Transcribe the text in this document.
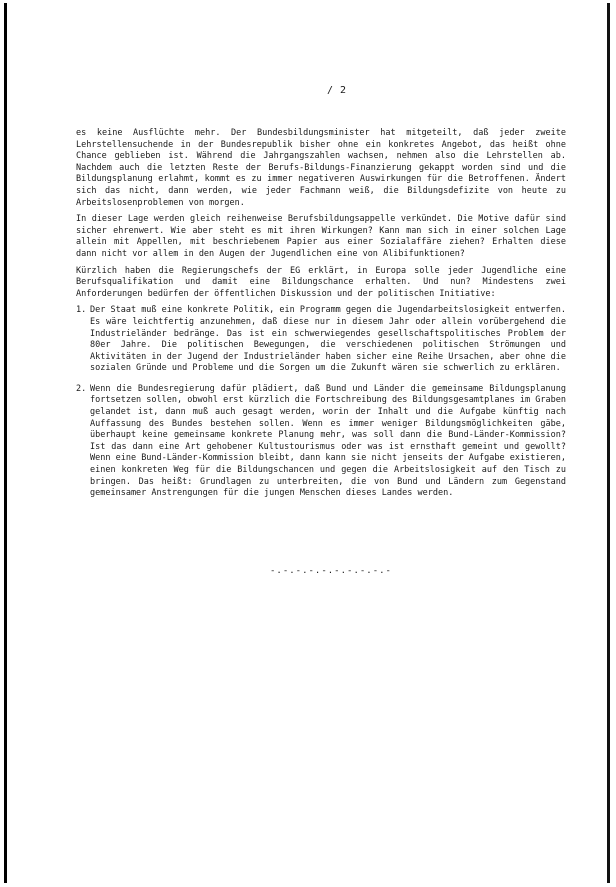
/ 2

es keine Ausflüchte mehr. Der Bundesbildungsminister hat mitgeteilt, daß jeder zweite Lehrstellensuchende in der Bundesrepublik bisher ohne ein konkretes Angebot, das heißt ohne Chance geblieben ist. Während die Jahrgangszahlen wachsen, nehmen also die Lehrstellen ab. Nachdem auch die letzten Reste der Berufs-Bildungs-Finanzierung gekappt worden sind und die Bildungsplanung erlahmt, kommt es zu immer negativeren Auswirkungen für die Betroffenen. Ändert sich das nicht, dann werden, wie jeder Fachmann weiß, die Bildungsdefizite von heute zu Arbeitslosenproblemen von morgen.

In dieser Lage werden gleich reihenweise Berufsbildungsappelle verkündet. Die Motive dafür sind sicher ehrenwert. Wie aber steht es mit ihren Wirkungen? Kann man sich in einer solchen Lage allein mit Appellen, mit beschriebenem Papier aus einer Sozialaffäre ziehen? Erhalten diese dann nicht vor allem in den Augen der Jugendlichen eine von Alibifunktionen?

Kürzlich haben die Regierungschefs der EG erklärt, in Europa solle jeder Jugendliche eine Berufsqualifikation und damit eine Bildungschance erhalten. Und nun? Mindestens zwei Anforderungen bedürfen der öffentlichen Diskussion und der politischen Initiative:

1. Der Staat muß eine konkrete Politik, ein Programm gegen die Jugendarbeitslosigkeit entwerfen. Es wäre leichtfertig anzunehmen, daß diese nur in diesem Jahr oder allein vorübergehend die Industrieländer bedränge. Das ist ein schwerwiegendes gesellschaftspolitisches Problem der 80er Jahre. Die politischen Bewegungen, die verschiedenen politischen Strömungen und Aktivitäten in der Jugend der Industrieländer haben sicher eine Reihe Ursachen, aber ohne die sozialen Gründe und Probleme und die Sorgen um die Zukunft wären sie schwerlich zu erklären.
2. Wenn die Bundesregierung dafür plädiert, daß Bund und Länder die gemeinsame Bildungsplanung fortsetzen sollen, obwohl erst kürzlich die Fortschreibung des Bildungsgesamtplanes im Graben gelandet ist, dann muß auch gesagt werden, worin der Inhalt und die Aufgabe künftig nach Auffassung des Bundes bestehen sollen. Wenn es immer weniger Bildungsmöglichkeiten gäbe, überhaupt keine gemeinsame konkrete Planung mehr, was soll dann die Bund-Länder-Kommission? Ist das dann eine Art gehobener Kultustourismus oder was ist ernsthaft gemeint und gewollt? Wenn eine Bund-Länder-Kommission bleibt, dann kann sie nicht jenseits der Aufgabe existieren, einen konkreten Weg für die Bildungschancen und gegen die Arbeitslosigkeit auf den Tisch zu bringen. Das heißt: Grundlagen zu unterbreiten, die von Bund und Ländern zum Gegenstand gemeinsamer Anstrengungen für die jungen Menschen dieses Landes werden.
-.-.-.-.-.-.-.-.-.-
